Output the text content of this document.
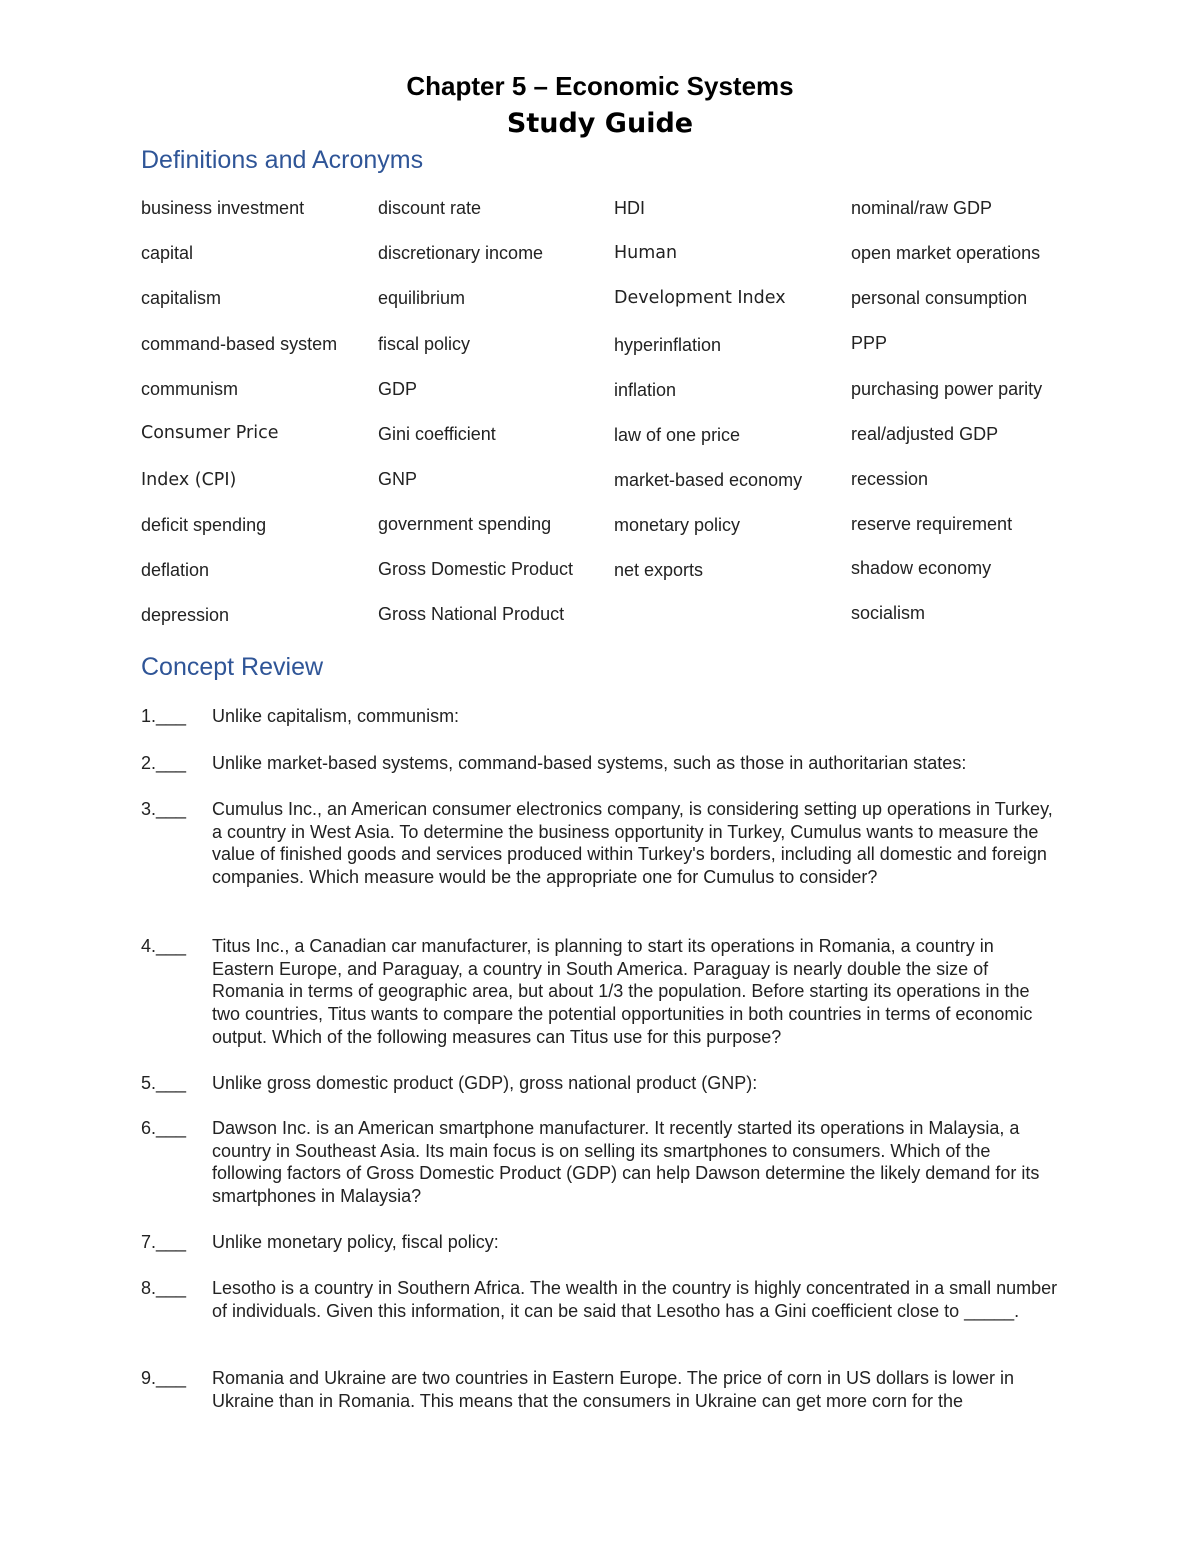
Chapter 5 – Economic Systems
Study Guide
Definitions and Acronyms
business investment
capital
capitalism
command-based system
communism
Consumer Price
Index (CPI)
deficit spending
deflation
depression
discount rate
discretionary income
equilibrium
fiscal policy
GDP
Gini coefficient
GNP
government spending
Gross Domestic Product
Gross National Product
HDI
Human
Development Index
hyperinflation
inflation
law of one price
market-based economy
monetary policy
net exports
nominal/raw GDP
open market operations
personal consumption
PPP
purchasing power parity
real/adjusted GDP
recession
reserve requirement
shadow economy
socialism
Concept Review
1.___ Unlike capitalism, communism:
2.___ Unlike market-based systems, command-based systems, such as those in authoritarian states:
3.___ Cumulus Inc., an American consumer electronics company, is considering setting up operations in Turkey, a country in West Asia. To determine the business opportunity in Turkey, Cumulus wants to measure the value of finished goods and services produced within Turkey's borders, including all domestic and foreign companies. Which measure would be the appropriate one for Cumulus to consider?
4.___ Titus Inc., a Canadian car manufacturer, is planning to start its operations in Romania, a country in Eastern Europe, and Paraguay, a country in South America. Paraguay is nearly double the size of Romania in terms of geographic area, but about 1/3 the population. Before starting its operations in the two countries, Titus wants to compare the potential opportunities in both countries in terms of economic output. Which of the following measures can Titus use for this purpose?
5.___ Unlike gross domestic product (GDP), gross national product (GNP):
6.___ Dawson Inc. is an American smartphone manufacturer. It recently started its operations in Malaysia, a country in Southeast Asia. Its main focus is on selling its smartphones to consumers. Which of the following factors of Gross Domestic Product (GDP) can help Dawson determine the likely demand for its smartphones in Malaysia?
7.___ Unlike monetary policy, fiscal policy:
8.___ Lesotho is a country in Southern Africa. The wealth in the country is highly concentrated in a small number of individuals. Given this information, it can be said that Lesotho has a Gini coefficient close to _____.
9.___ Romania and Ukraine are two countries in Eastern Europe. The price of corn in US dollars is lower in Ukraine than in Romania. This means that the consumers in Ukraine can get more corn for the
